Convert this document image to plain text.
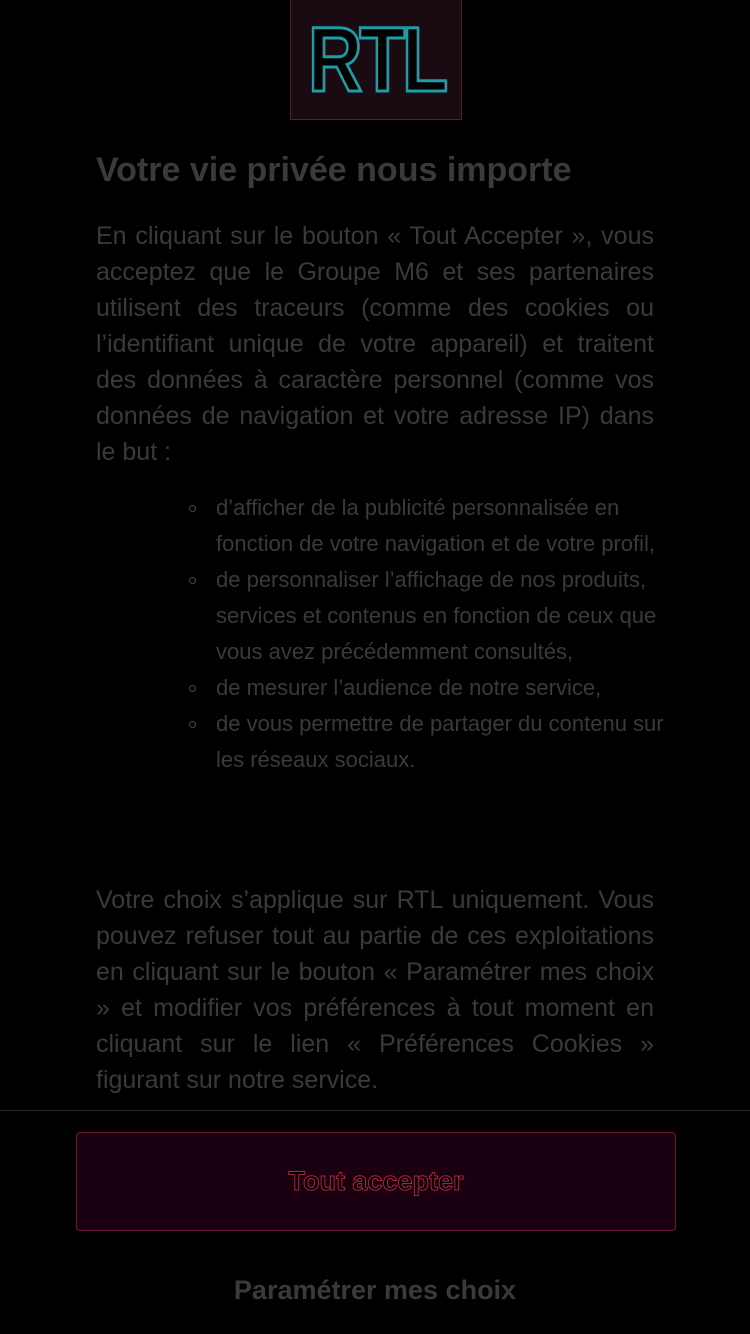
RTL
Votre vie privée nous importe

En cliquant sur le bouton « Tout Accepter », vous acceptez que le Groupe M6 et ses partenaires utilisent des traceurs (comme des cookies ou l’identifiant unique de votre appareil) et traitent des données à caractère personnel (comme vos données de navigation et votre adresse IP) dans le but :

d’afficher de la publicité personnalisée en fonction de votre navigation et de votre profil,
de personnaliser l’affichage de nos produits, services et contenus en fonction de ceux que vous avez précédemment consultés,
de mesurer l’audience de notre service,
de vous permettre de partager du contenu sur les réseaux sociaux.

Votre choix s’applique sur RTL uniquement. Vous pouvez refuser tout au partie de ces exploitations en cliquant sur le bouton « Paramétrer mes choix » et modifier vos préférences à tout moment en cliquant sur le lien « Préférences Cookies » figurant sur notre service.

Tout accepter
Paramétrer mes choix
